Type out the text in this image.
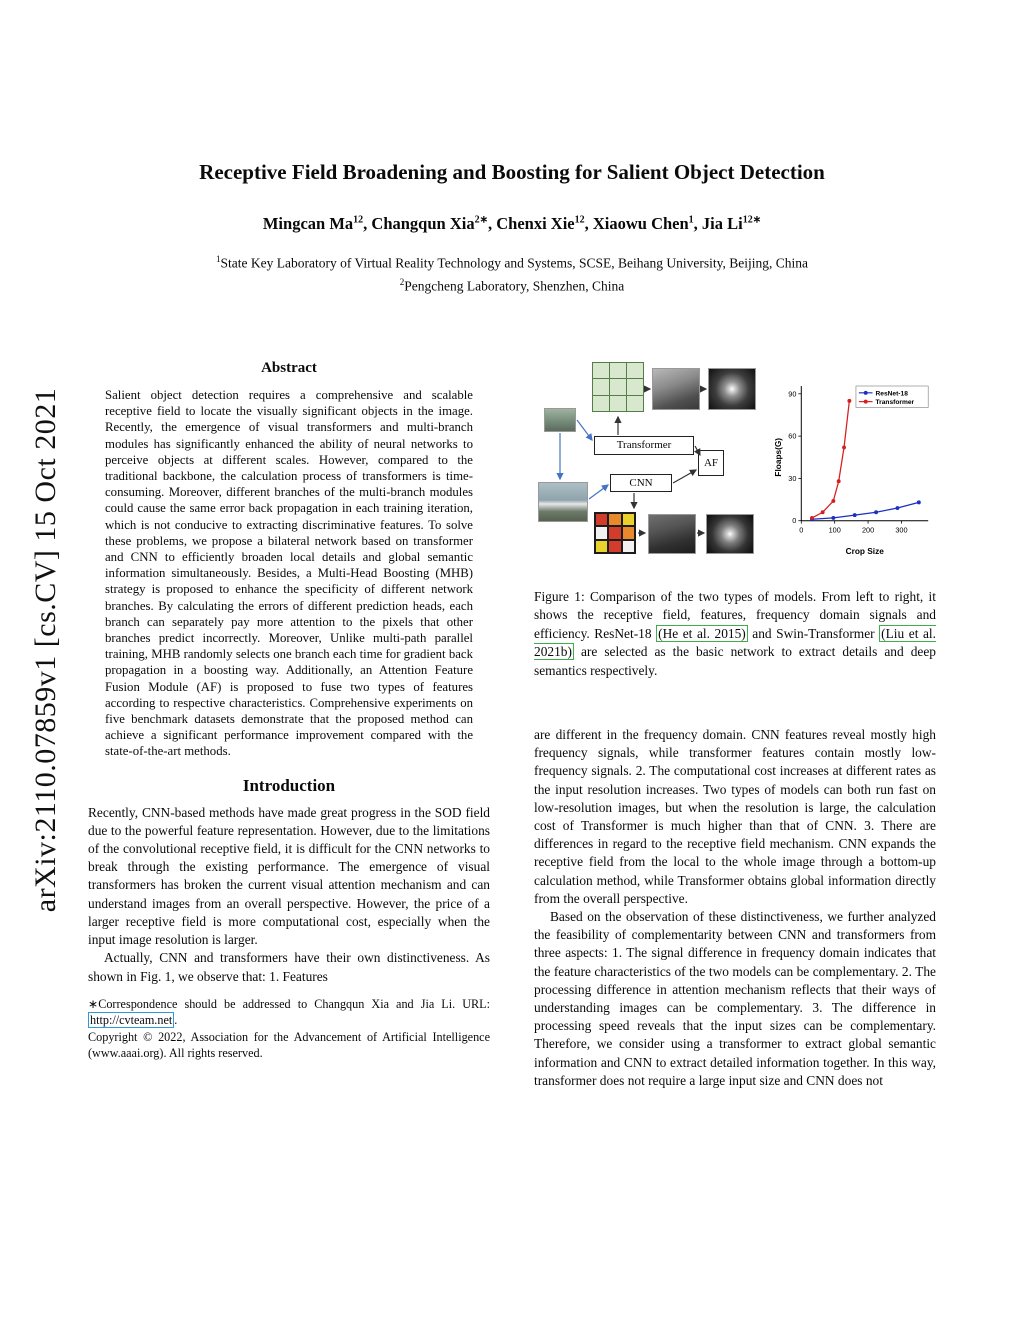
arXiv:2110.07859v1 [cs.CV] 15 Oct 2021
Receptive Field Broadening and Boosting for Salient Object Detection
Mingcan Ma$^{12}$, Changqun Xia$^{2∗}$, Chenxi Xie$^{12}$, Xiaowu Chen$^1$, Jia $Li^{12∗}$
$^1$State Key Laboratory of Virtual Reality Technology and Systems, SCSE, Beihang University, Beijing, China
$^2$Pengcheng Laboratory, Shenzhen, China
Abstract

Salient object detection requires a comprehensive and scalable receptive field to locate the visually significant objects in the image. Recently, the emergence of visual transformers and multi-branch modules has significantly enhanced the ability of neural networks to perceive objects at different scales. However, compared to the traditional backbone, the calculation process of transformers is time-consuming. Moreover, different branches of the multi-branch modules could cause the same error back propagation in each training iteration, which is not conducive to extracting discriminative features. To solve these problems, we propose a bilateral network based on transformer and CNN to efficiently broaden local details and global semantic information simultaneously. Besides, a Multi-Head Boosting (MHB) strategy is proposed to enhance the specificity of different network branches. By calculating the errors of different prediction heads, each branch can separately pay more attention to the pixels that other branches predict incorrectly. Moreover, Unlike multi-path parallel training, MHB randomly selects one branch each time for gradient back propagation in a boosting way. Additionally, an Attention Feature Fusion Module (AF) is proposed to fuse two types of features according to respective characteristics. Comprehensive experiments on five benchmark datasets demonstrate that the proposed method can achieve a significant performance improvement compared with the state-of-the-art methods.

Introduction

Recently, CNN-based methods have made great progress in the SOD field due to the powerful feature representation. However, due to the limitations of the convolutional receptive field, it is difficult for the CNN networks to break through the existing performance. The emergence of visual transformers has broken the current visual attention mechanism and can understand images from an overall perspective. However, the price of a larger receptive field is more computational cost, especially when the input image resolution is larger.

Actually, CNN and transformers have their own distinctiveness. As shown in Fig. 1, we observe that: 1. Features

∗Correspondence should be addressed to Changqun Xia and Jia Li. URL: http://cvteam.net .
Copyright © 2022, Association for the Advancement of Artificial Intelligence (www.aaai.org). All rights reserved.
Transformer
AF
CNN
0	100	200	300
0
30
60
90
Crop Size
Floaps(G)
ResNet-18
Transformer

Figure 1: Comparison of the two types of models. From left to right, it shows the receptive field, features, frequency domain signals and efficiency. ResNet-18 (He et al. 2015) and Swin-Transformer (Liu et al. 2021b) are selected as the basic network to extract details and deep semantics respectively.

are different in the frequency domain. CNN features reveal mostly high frequency signals, while transformer features contain mostly low-frequency signals. 2. The computational cost increases at different rates as the input resolution increases. Two types of models can both run fast on low-resolution images, but when the resolution is large, the calculation cost of Transformer is much higher than that of CNN. 3. There are differences in regard to the receptive field mechanism. CNN expands the receptive field from the local to the whole image through a bottom-up calculation method, while Transformer obtains global information directly from the overall perspective.

Based on the observation of these distinctiveness, we further analyzed the feasibility of complementarity between CNN and transformers from three aspects: 1. The signal difference in frequency domain indicates that the feature characteristics of the two models can be complementary. 2. The processing difference in attention mechanism reflects that their ways of understanding images can be complementary. 3. The difference in processing speed reveals that the input sizes can be complementary. Therefore, we consider using a transformer to extract global semantic information and CNN to extract detailed information together. In this way, transformer does not require a large input size and CNN does not
